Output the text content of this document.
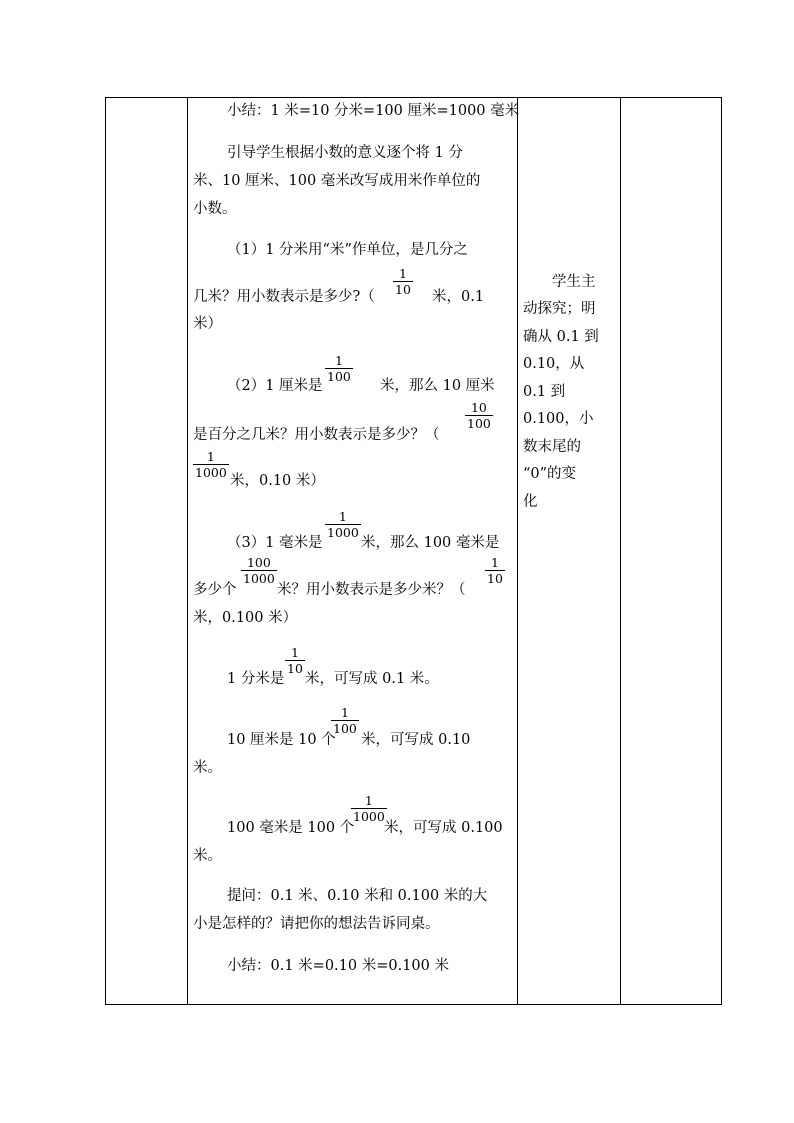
小结：1 米=10 分米=100 厘米=1000 毫米
引导学生根据小数的意义逐个将 1 分
米、10 厘米、100 毫米改写成用米作单位的
小数。
（1）1 分米用“米”作单位，是几分之
几米？用小数表示是多少?（ $\frac{1}{10}$ 米，0.1
米）
（2）1 厘米是
$\frac{1}{100}$
米，那么 10 厘米
是百分之几米？用小数表示是多少？（
$\frac{10}{100}$
$\frac{1}{1000}$
米，0.10 米）
（3）1 毫米是
$\frac{1}{1000}$
米，那么 100 毫米是
多少个
$\frac{100}{1000}$
米？用小数表示是多少米？（
$\frac{1}{10}$
米，0.100 米）
1 分米是
$\frac{1}{10}$
米，可写成 0.1 米。
10 厘米是 10 个
$\frac{1}{100}$
米，可写成 0.10
米。
100 毫米是 100 个
$\frac{1}{1000}$
米，可写成 0.100
米。
提问：0.1 米、0.10 米和 0.100 米的大
小是怎样的？请把你的想法告诉同桌。
小结：0.1 米=0.10 米=0.100 米
学生主
动探究；明
确从 0.1 到
0.10，从
0.1 到
0.100，小
数末尾的
“0”的变
化
